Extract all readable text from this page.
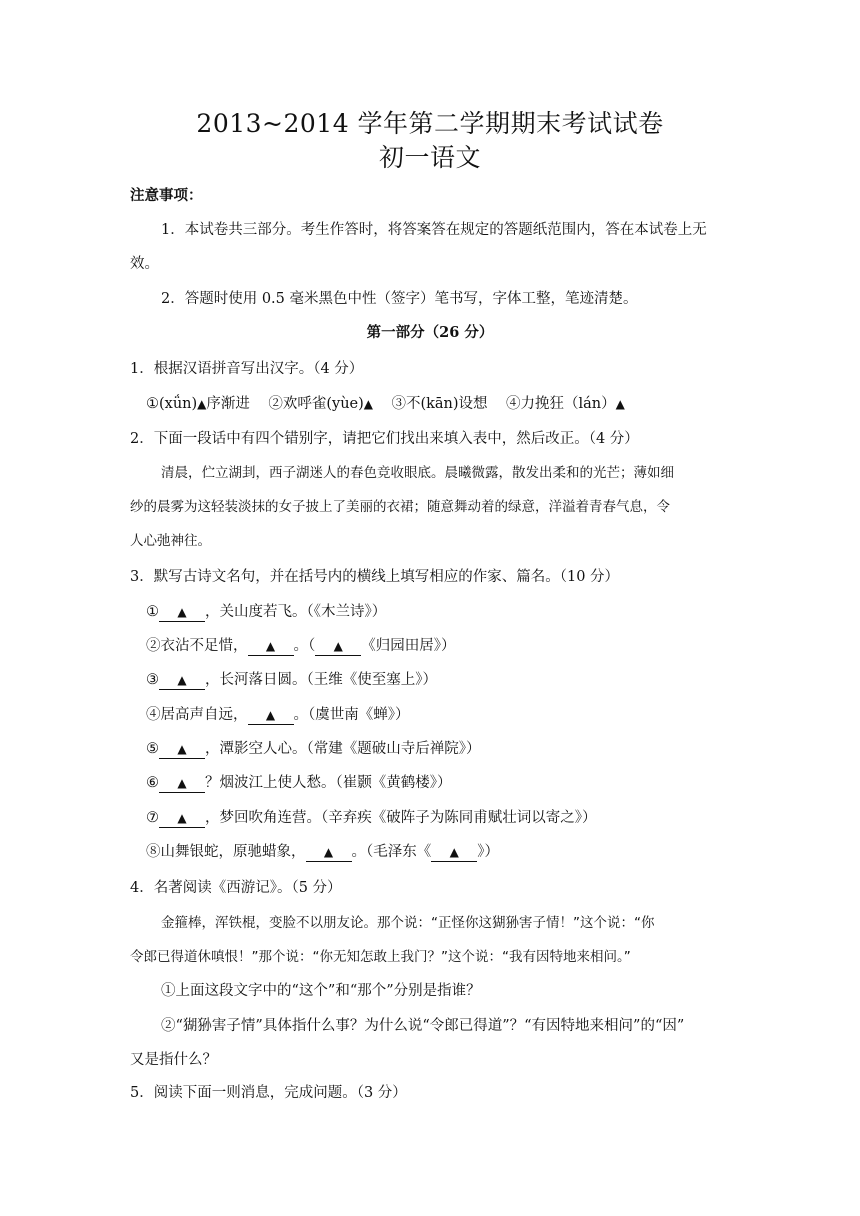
2013~2014 学年第二学期期末考试试卷
初一语文
注意事项：
1．本试卷共三部分。考生作答时，将答案答在规定的答题纸范围内，答在本试卷上无
效。
2．答题时使用 0.5 毫米黑色中性（签字）笔书写，字体工整，笔迹清楚。
第一部分（26 分）
1．根据汉语拼音写出汉字。（4 分）
①(xǘn)▲序渐进 ②欢呼雀(yùe)▲ ③不(kān)设想 ④力挽狂（lán）▲
2．下面一段话中有四个错别字，请把它们找出来填入表中，然后改正。（4 分）
清晨，伫立湖刲，西子湖迷人的春色竞收眼底。晨曦微露，散发出柔和的光芒；薄如细
纱的晨雾为这轻装淡抹的女子披上了美丽的衣裙；随意舞动着的绿意，洋溢着青春气息，令
人心弛神往。
3．默写古诗文名句，并在括号内的横线上填写相应的作家、篇名。（10 分）
① ▲ ，关山度若飞。（《木兰诗》）
②衣沾不足惜， ▲ 。（ ▲ 《归园田居》）
③ ▲ ，长河落日圆。（王维《使至塞上》）
④居高声自远， ▲ 。（虞世南《蝉》）
⑤ ▲ ，潭影空人心。（常建《题破山寺后禅院》）
⑥ ▲ ？烟波江上使人愁。（崔颢《黄鹤楼》）
⑦ ▲ ，梦回吹角连营。（辛弃疾《破阵子为陈同甫赋壮词以寄之》）
⑧山舞银蛇，原驰蜡象， ▲ 。（毛泽东《 ▲ 》）
4．名著阅读《西游记》。（5 分）
金箍棒，浑铁棍，变脸不以朋友论。那个说：“正怪你这猢狲害子情！”这个说：“你
令郎已得道休嗔恨！”那个说：“你无知怎敢上我门？”这个说：“我有因特地来相问。”
①上面这段文字中的“这个”和“那个”分别是指谁？
②“猢狲害子情”具体指什么事？为什么说“令郎已得道”？“有因特地来相问”的“因”
又是指什么？
5．阅读下面一则消息，完成问题。（3 分）
